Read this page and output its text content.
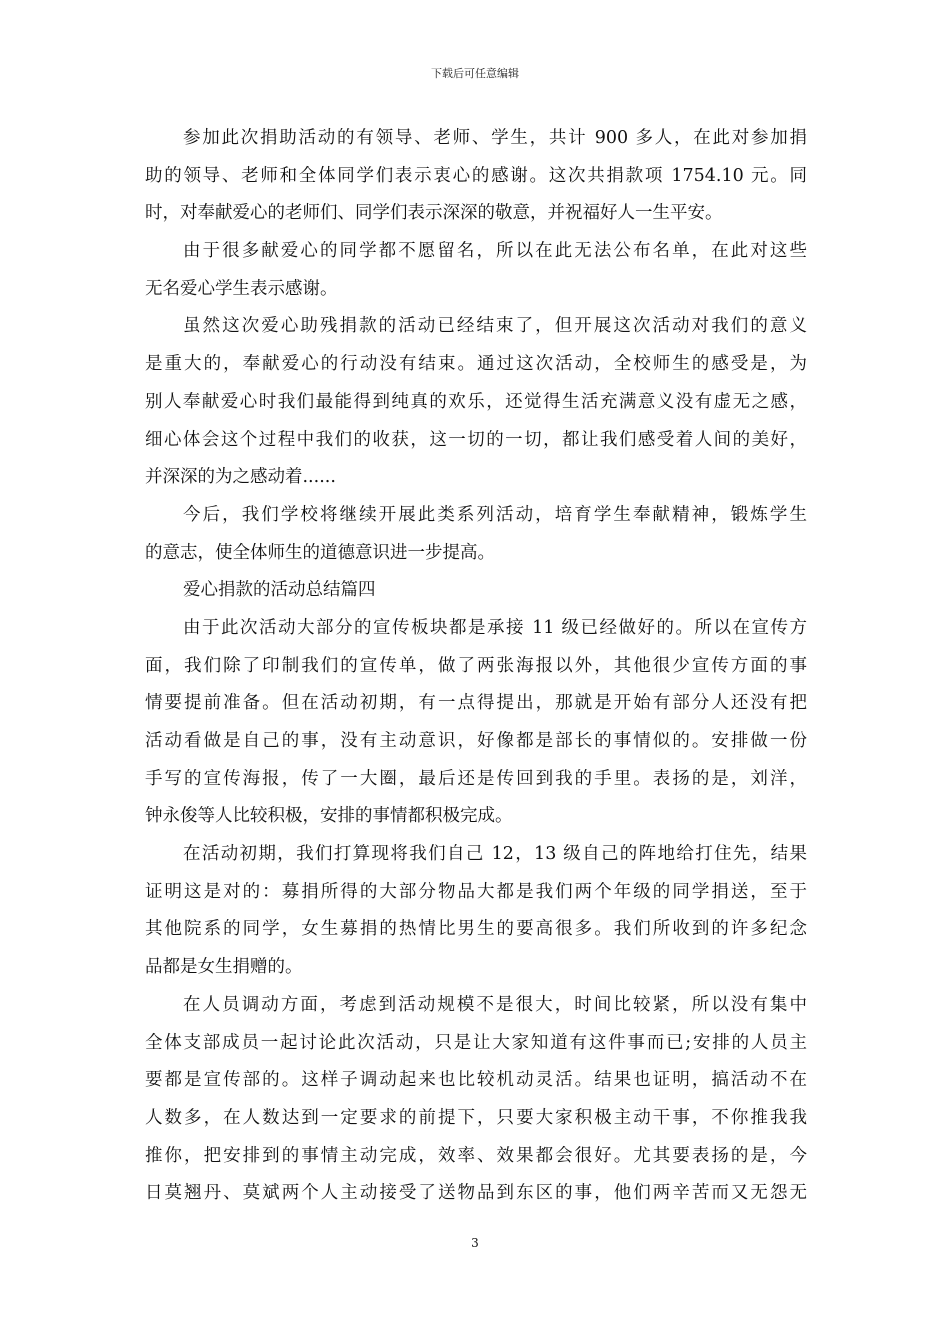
下载后可任意编辑
参加此次捐助活动的有领导、老师、学生，共计 900 多人，在此对参加捐
助的领导、老师和全体同学们表示衷心的感谢。这次共捐款项 1754.10 元。同
时，对奉献爱心的老师们、同学们表示深深的敬意，并祝福好人一生平安。
由于很多献爱心的同学都不愿留名，所以在此无法公布名单，在此对这些
无名爱心学生表示感谢。
虽然这次爱心助残捐款的活动已经结束了，但开展这次活动对我们的意义
是重大的，奉献爱心的行动没有结束。通过这次活动，全校师生的感受是，为
别人奉献爱心时我们最能得到纯真的欢乐，还觉得生活充满意义没有虚无之感，
细心体会这个过程中我们的收获，这一切的一切，都让我们感受着人间的美好，
并深深的为之感动着......
今后，我们学校将继续开展此类系列活动，培育学生奉献精神，锻炼学生
的意志，使全体师生的道德意识进一步提高。
爱心捐款的活动总结篇四
由于此次活动大部分的宣传板块都是承接 11 级已经做好的。所以在宣传方
面，我们除了印制我们的宣传单，做了两张海报以外，其他很少宣传方面的事
情要提前准备。但在活动初期，有一点得提出，那就是开始有部分人还没有把
活动看做是自己的事，没有主动意识，好像都是部长的事情似的。安排做一份
手写的宣传海报，传了一大圈，最后还是传回到我的手里。表扬的是，刘洋，
钟永俊等人比较积极，安排的事情都积极完成。
在活动初期，我们打算现将我们自己 12，13 级自己的阵地给打住先，结果
证明这是对的：募捐所得的大部分物品大都是我们两个年级的同学捐送，至于
其他院系的同学，女生募捐的热情比男生的要高很多。我们所收到的许多纪念
品都是女生捐赠的。
在人员调动方面，考虑到活动规模不是很大，时间比较紧，所以没有集中
全体支部成员一起讨论此次活动，只是让大家知道有这件事而已;安排的人员主
要都是宣传部的。这样子调动起来也比较机动灵活。结果也证明，搞活动不在
人数多，在人数达到一定要求的前提下，只要大家积极主动干事，不你推我我
推你，把安排到的事情主动完成，效率、效果都会很好。尤其要表扬的是，今
日莫翘丹、莫斌两个人主动接受了送物品到东区的事，他们两辛苦而又无怨无
3
